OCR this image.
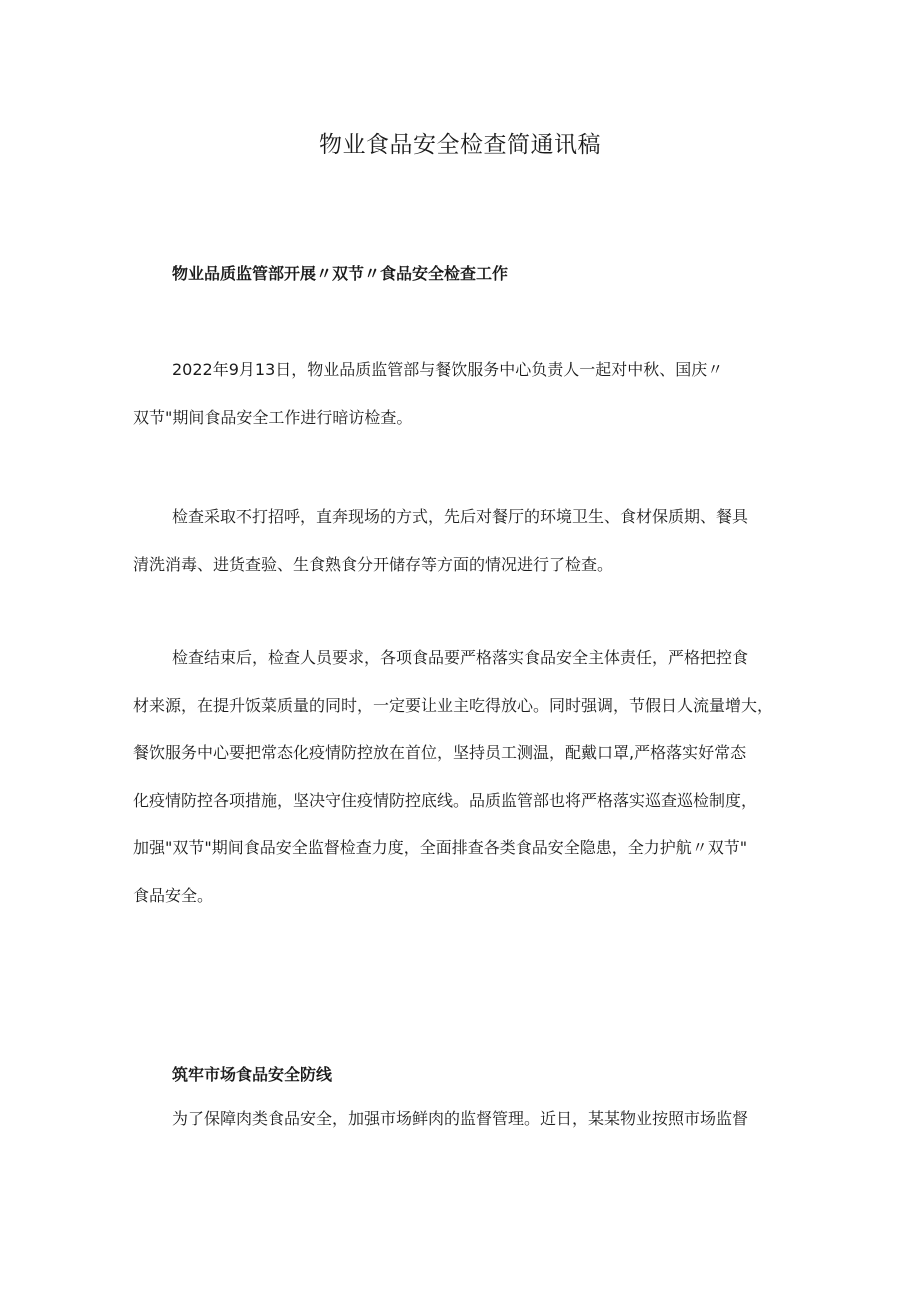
物业食品安全检查简通讯稿
物业品质监管部开展〃双节〃食品安全检查工作
2022年9月13日，物业品质监管部与餐饮服务中心负责人一起对中秋、国庆〃
双节"期间食品安全工作进行暗访检查。
检查采取不打招呼，直奔现场的方式，先后对餐厅的环境卫生、食材保质期、餐具
清洗消毒、进货查验、生食熟食分开储存等方面的情况进行了检查。
检查结束后，检查人员要求，各项食品要严格落实食品安全主体责任，严格把控食
材来源，在提升饭菜质量的同时，一定要让业主吃得放心。同时强调，节假日人流量增大，
餐饮服务中心要把常态化疫情防控放在首位，坚持员工测温，配戴口罩,严格落实好常态
化疫情防控各项措施，坚决守住疫情防控底线。品质监管部也将严格落实巡查巡检制度，
加强"双节"期间食品安全监督检查力度，全面排查各类食品安全隐患，全力护航〃双节"
食品安全。
筑牢市场食品安全防线
为了保障肉类食品安全，加强市场鲜肉的监督管理。近日，某某物业按照市场监督
